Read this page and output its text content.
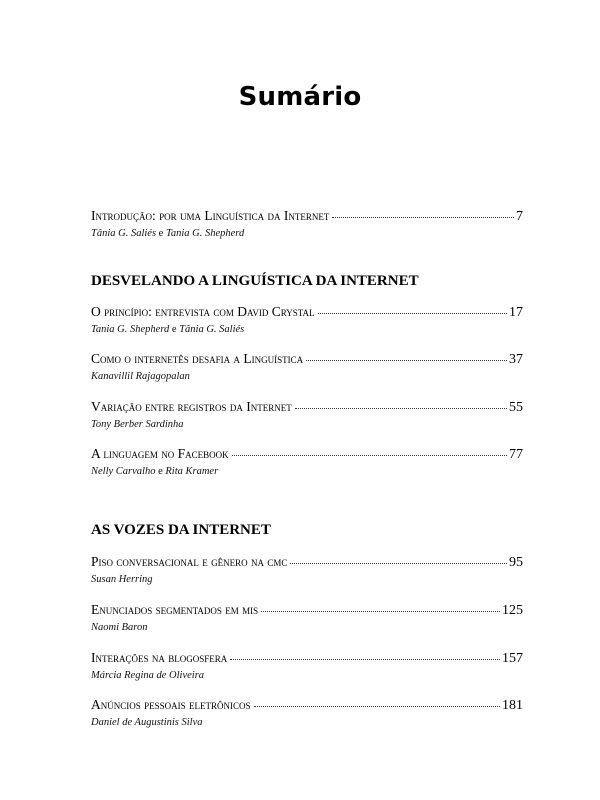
Sumário
Introdução: por uma Linguística da Internet	7
Tânia G. Saliés e Tania G. Shepherd
DESVELANDO A LINGUÍSTICA DA INTERNET
O princípio: entrevista com David Crystal	17
Tania G. Shepherd e Tânia G. Saliés
Como o internetês desafia a Linguística	37
Kanavillil Rajagopalan
Variação entre registros da Internet	55
Tony Berber Sardinha
A linguagem no Facebook	77
Nelly Carvalho e Rita Kramer
AS VOZES DA INTERNET
Piso conversacional e gênero na cmc	95
Susan Herring
Enunciados segmentados em mis	125
Naomi Baron
Interações na blogosfera	157
Márcia Regina de Oliveira
Anúncios pessoais eletrônicos	181
Daniel de Augustinis Silva
